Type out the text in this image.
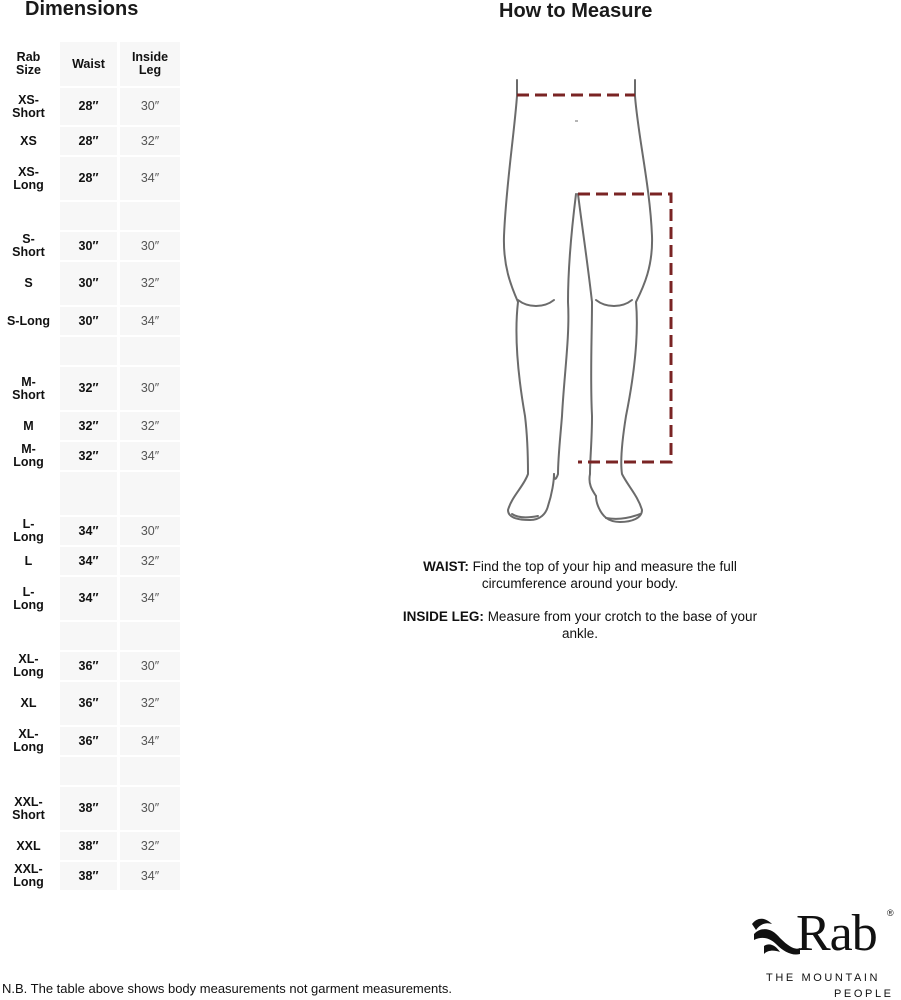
Dimensions	How to Measure
Rab
Size	Waist	Inside
Leg
XS-
Short	28″	30″
XS	28″	32″
XS-
Long	28″	34″
S-
Short	30″	30″
S	30″	32″
S-Long	30″	34″
M-
Short	32″	30″
M	32″	32″
M-
Long	32″	34″
L-
Long	34″	30″
L	34″	32″
L-
Long	34″	34″
XL-
Long	36″	30″
XL	36″	32″
XL-
Long	36″	34″
XXL-
Short	38″	30″
XXL	38″	32″
XXL-
Long	38″	34″
WAIST: Find the top of your hip and measure the full circumference around your body.
INSIDE LEG: Measure from your crotch to the base of your ankle.
N.B. The table above shows body measurements not garment measurements.
Rab ®
THE MOUNTAIN
PEOPLE
